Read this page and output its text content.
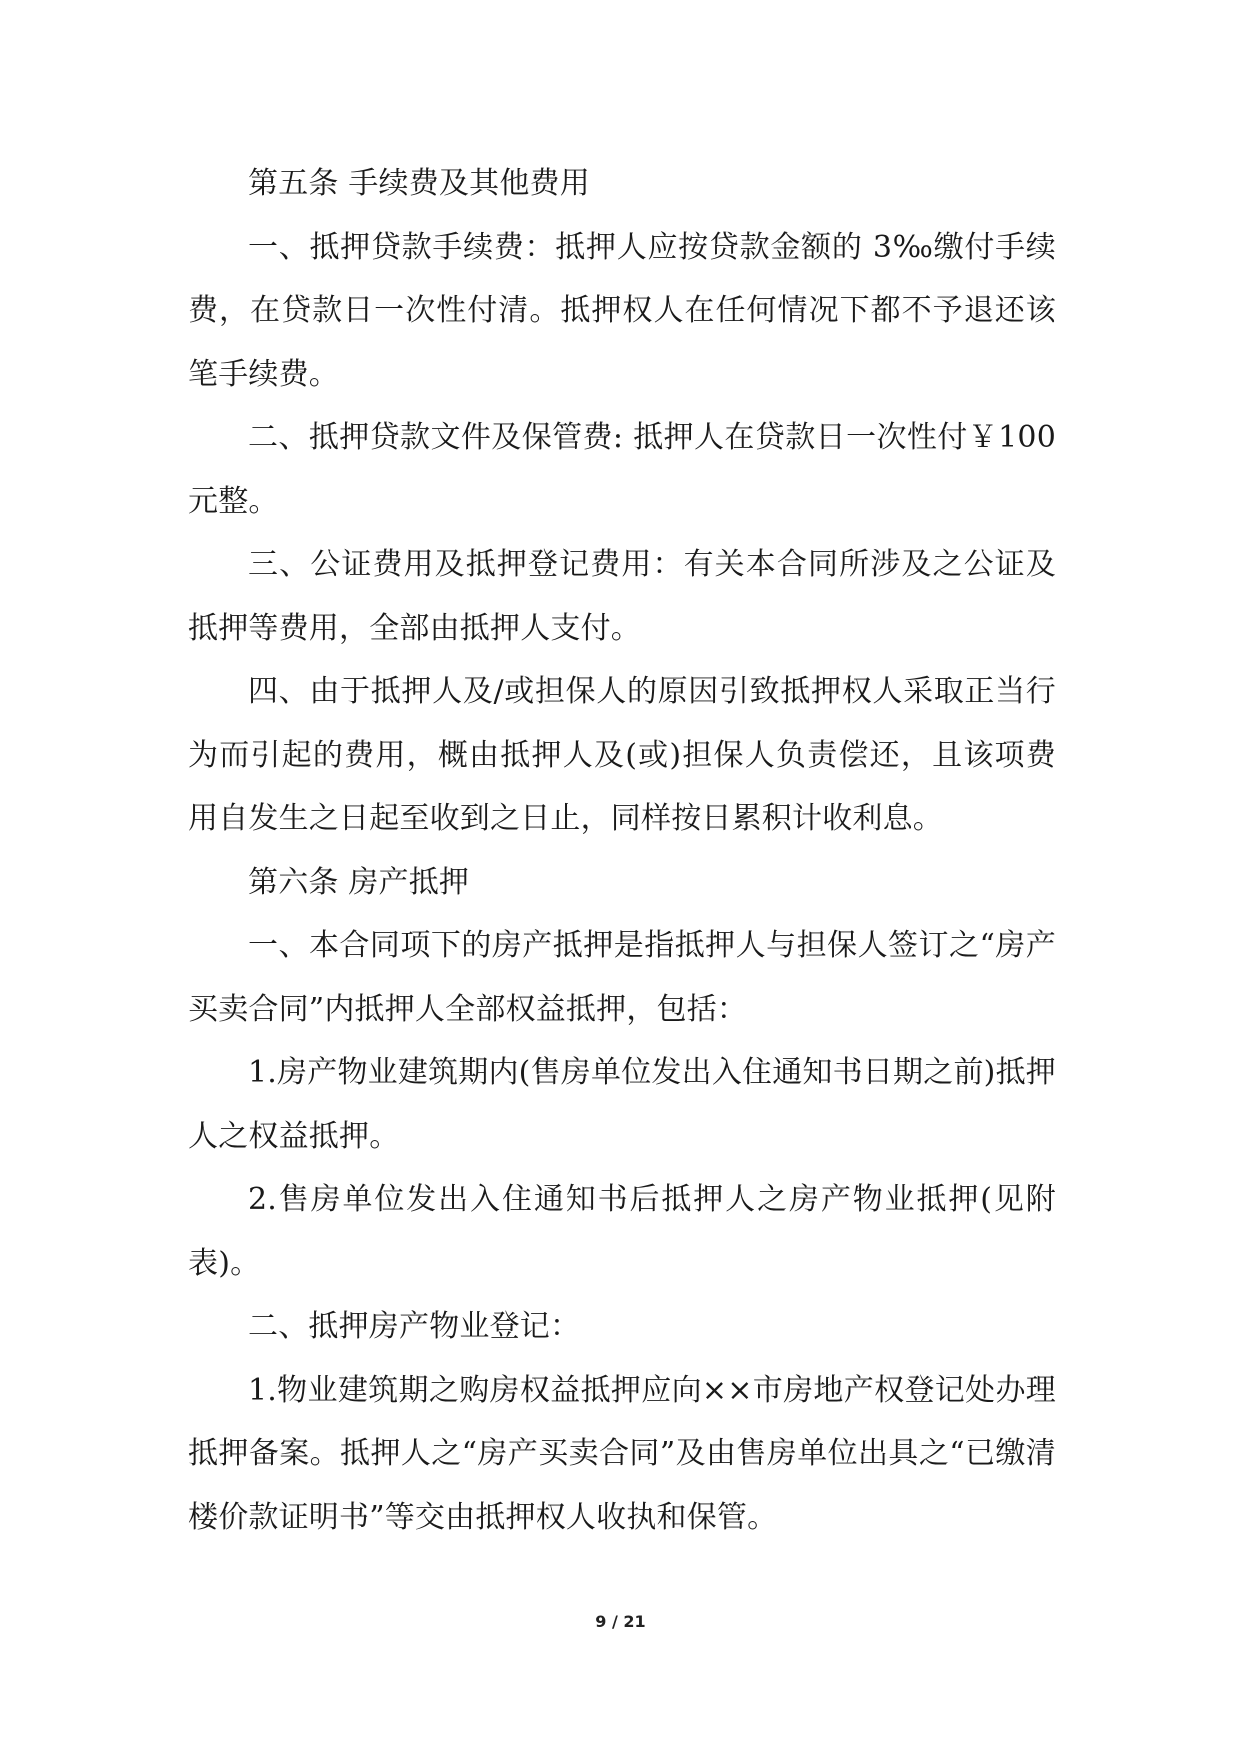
第五条 手续费及其他费用

一、抵押贷款手续费：抵押人应按贷款金额的 3‰缴付手续费，在贷款日一次性付清。抵押权人在任何情况下都不予退还该笔手续费。

二、抵押贷款文件及保管费: 抵押人在贷款日一次性付￥100元整。

三、公证费用及抵押登记费用：有关本合同所涉及之公证及抵押等费用，全部由抵押人支付。

四、由于抵押人及/或担保人的原因引致抵押权人采取正当行为而引起的费用，概由抵押人及(或)担保人负责偿还，且该项费用自发生之日起至收到之日止，同样按日累积计收利息。

第六条 房产抵押

一、本合同项下的房产抵押是指抵押人与担保人签订之“房产买卖合同”内抵押人全部权益抵押，包括：

1.房产物业建筑期内(售房单位发出入住通知书日期之前)抵押人之权益抵押。

2.售房单位发出入住通知书后抵押人之房产物业抵押(见附表)。

二、抵押房产物业登记：

1.物业建筑期之购房权益抵押应向××市房地产权登记处办理抵押备案。抵押人之“房产买卖合同”及由售房单位出具之“已缴清楼价款证明书”等交由抵押权人收执和保管。

9 / 21
